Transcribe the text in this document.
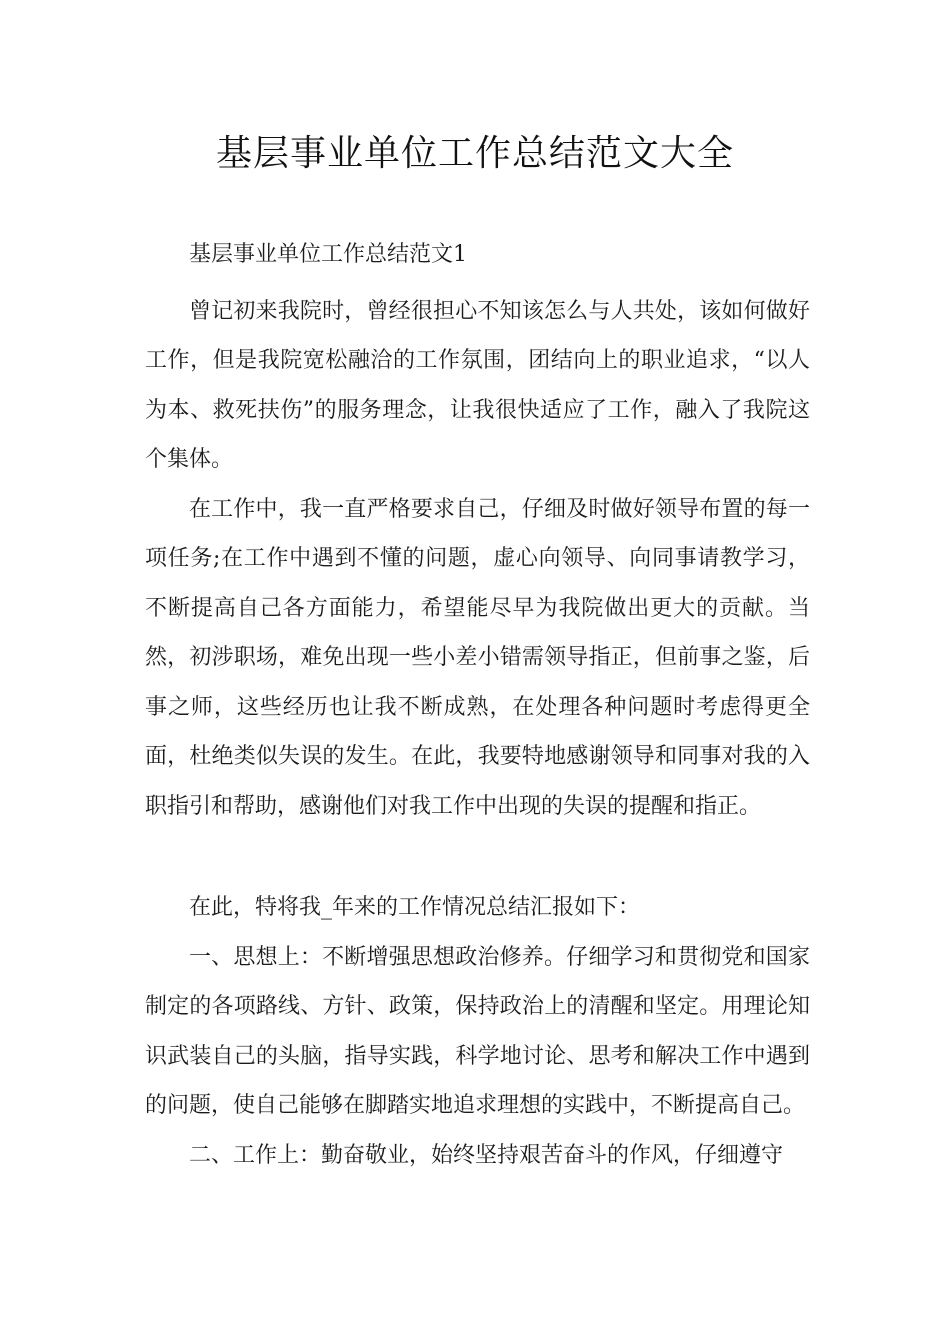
基层事业单位工作总结范文大全

基层事业单位工作总结范文1

曾记初来我院时，曾经很担心不知该怎么与人共处，该如何做好工作，但是我院宽松融洽的工作氛围，团结向上的职业追求，“以人为本、救死扶伤”的服务理念，让我很快适应了工作，融入了我院这个集体。

在工作中，我一直严格要求自己，仔细及时做好领导布置的每一项任务;在工作中遇到不懂的问题，虚心向领导、向同事请教学习，不断提高自己各方面能力，希望能尽早为我院做出更大的贡献。当然，初涉职场，难免出现一些小差小错需领导指正，但前事之鉴，后事之师，这些经历也让我不断成熟，在处理各种问题时考虑得更全面，杜绝类似失误的发生。在此，我要特地感谢领导和同事对我的入职指引和帮助，感谢他们对我工作中出现的失误的提醒和指正。

在此，特将我_年来的工作情况总结汇报如下：

一、思想上：不断增强思想政治修养。仔细学习和贯彻党和国家制定的各项路线、方针、政策，保持政治上的清醒和坚定。用理论知识武装自己的头脑，指导实践，科学地讨论、思考和解决工作中遇到的问题，使自己能够在脚踏实地追求理想的实践中，不断提高自己。

二、工作上：勤奋敬业，始终坚持艰苦奋斗的作风，仔细遵守
